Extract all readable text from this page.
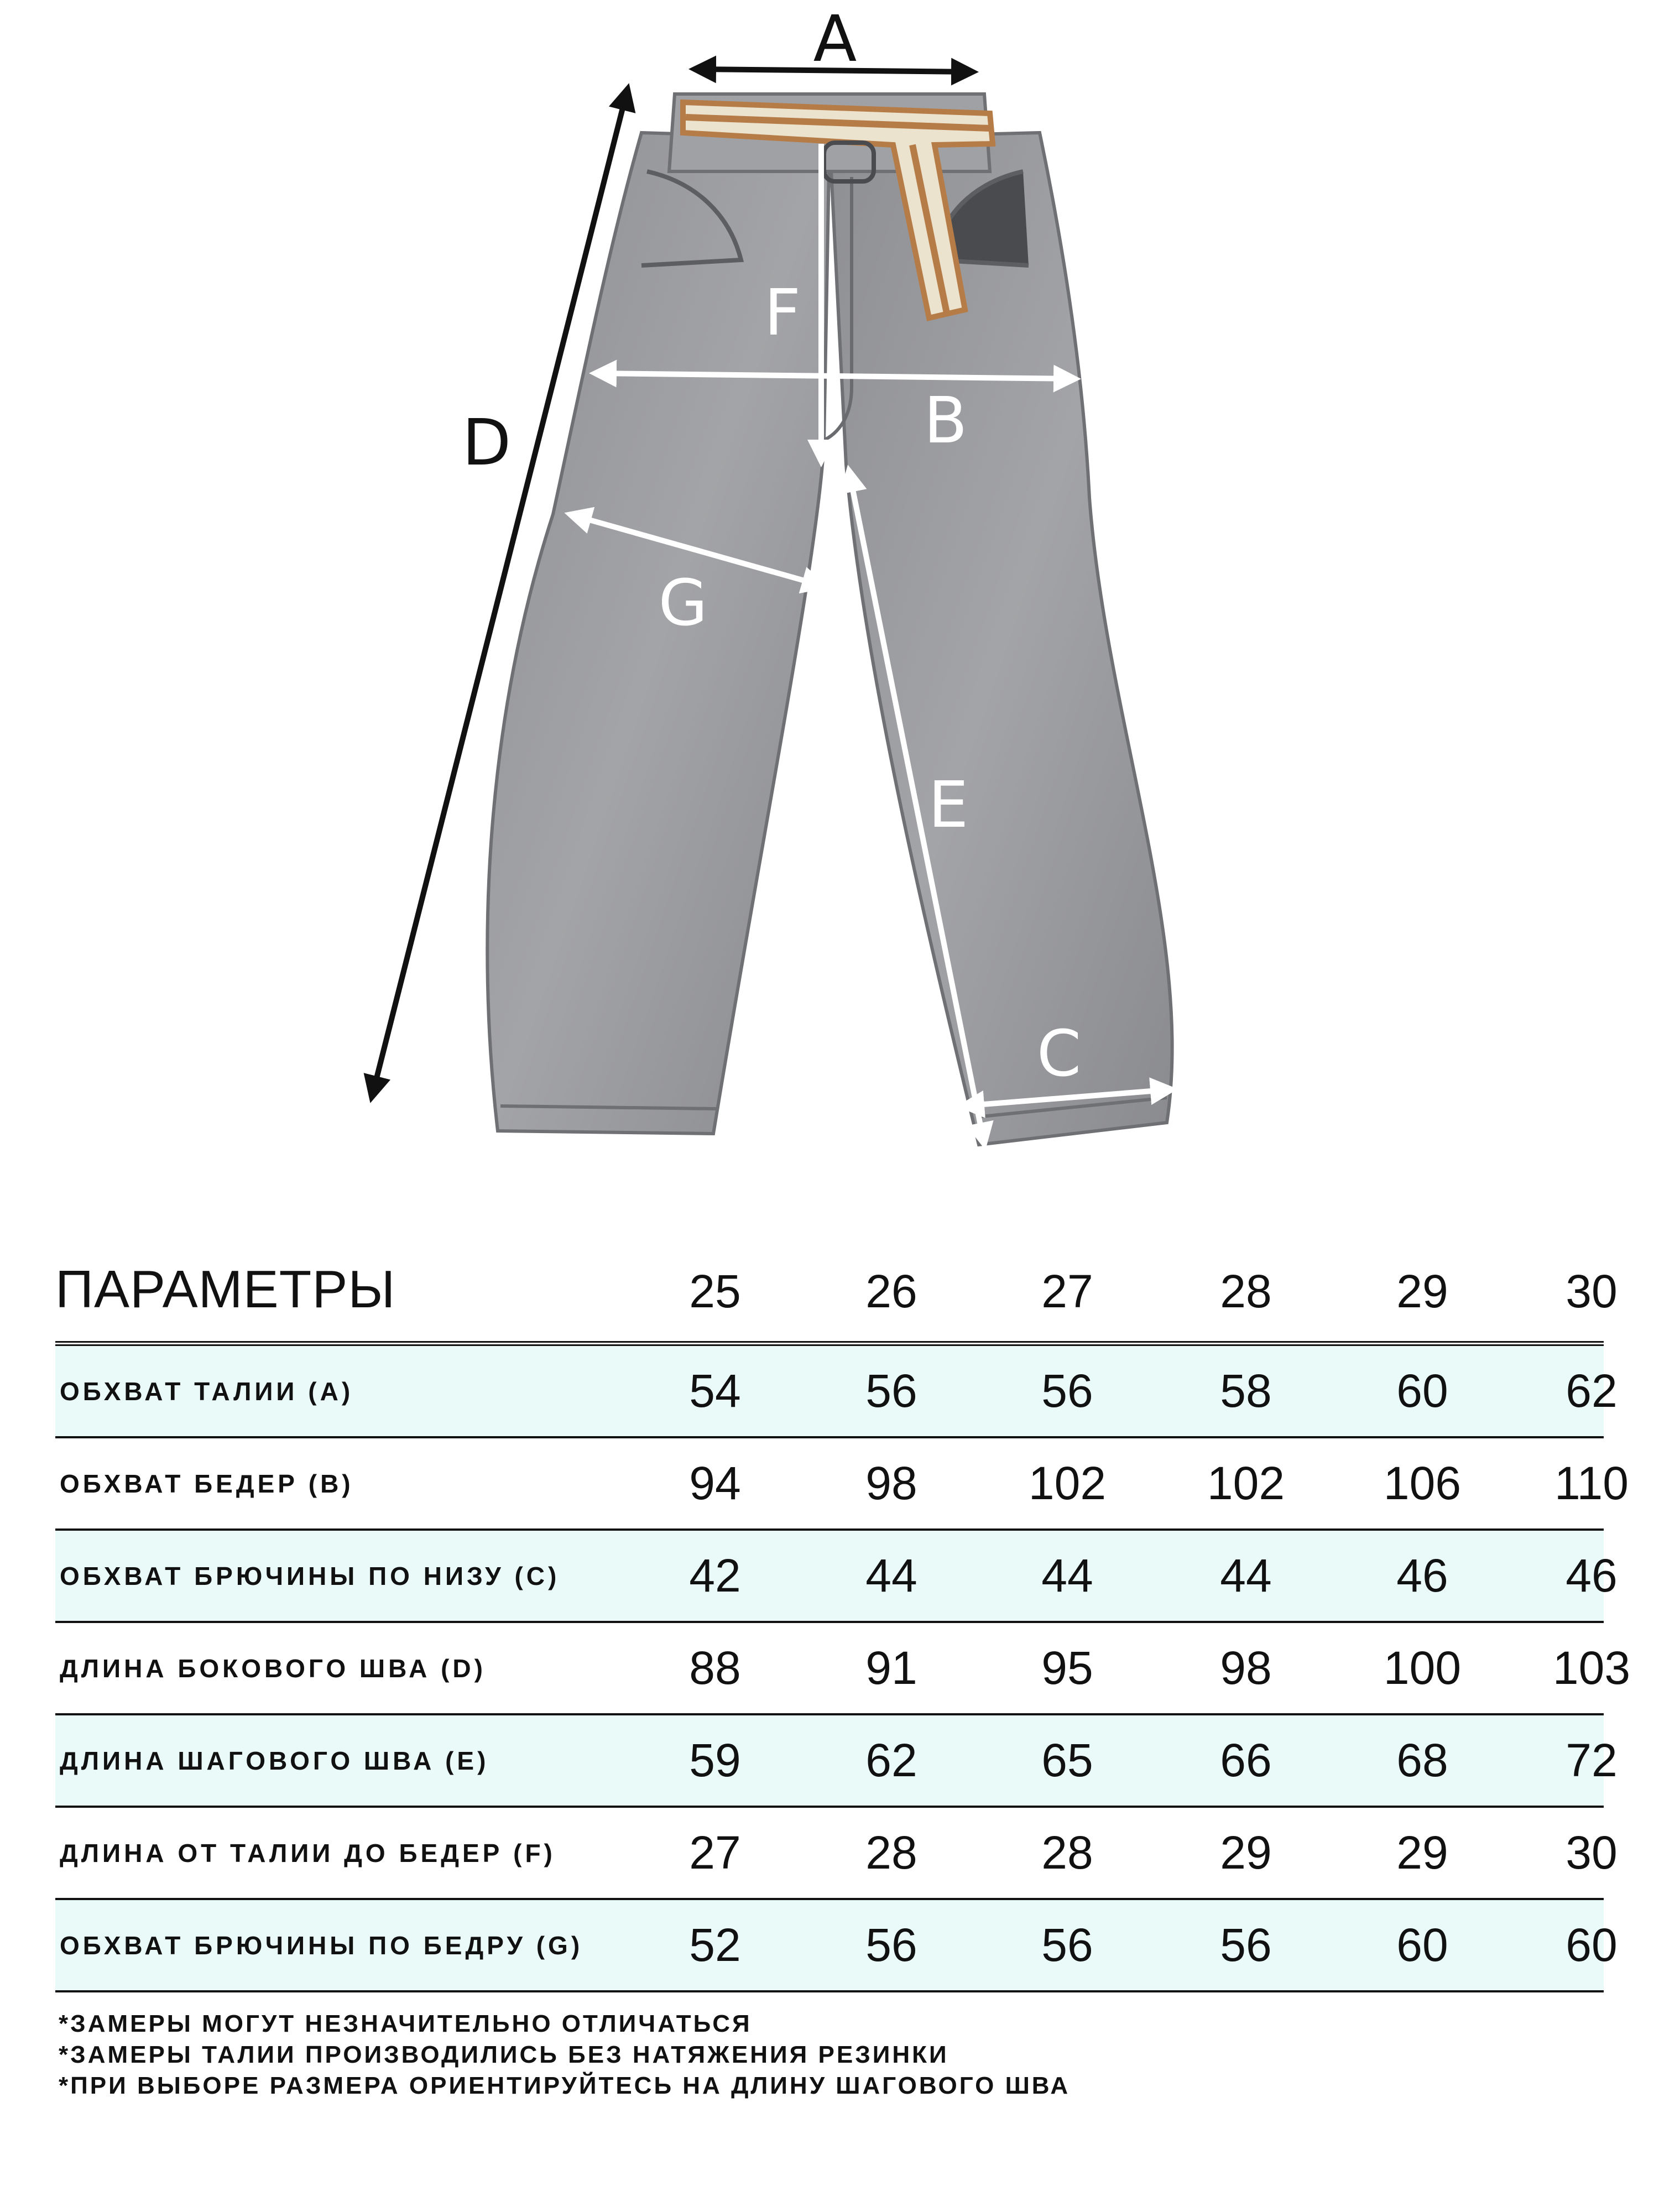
A
D
F
B
G
E
C
ПАРАМЕТРЫ	25	26	27	28	29	30
ОБХВАТ ТАЛИИ (A)	54	56	56	58	60	62
ОБХВАТ БЕДЕР (B)	94	98	102	102	106	110
ОБХВАТ БРЮЧИНЫ ПО НИЗУ (C)	42	44	44	44	46	46
ДЛИНА БОКОВОГО ШВА (D)	88	91	95	98	100	103
ДЛИНА ШАГОВОГО ШВА (E)	59	62	65	66	68	72
ДЛИНА ОТ ТАЛИИ ДО БЕДЕР (F)	27	28	28	29	29	30
ОБХВАТ БРЮЧИНЫ ПО БЕДРУ (G)	52	56	56	56	60	60
*ЗАМЕРЫ МОГУТ НЕЗНАЧИТЕЛЬНО ОТЛИЧАТЬСЯ
*ЗАМЕРЫ ТАЛИИ ПРОИЗВОДИЛИСЬ БЕЗ НАТЯЖЕНИЯ РЕЗИНКИ
*ПРИ ВЫБОРЕ РАЗМЕРА ОРИЕНТИРУЙТЕСЬ НА ДЛИНУ ШАГОВОГО ШВА
